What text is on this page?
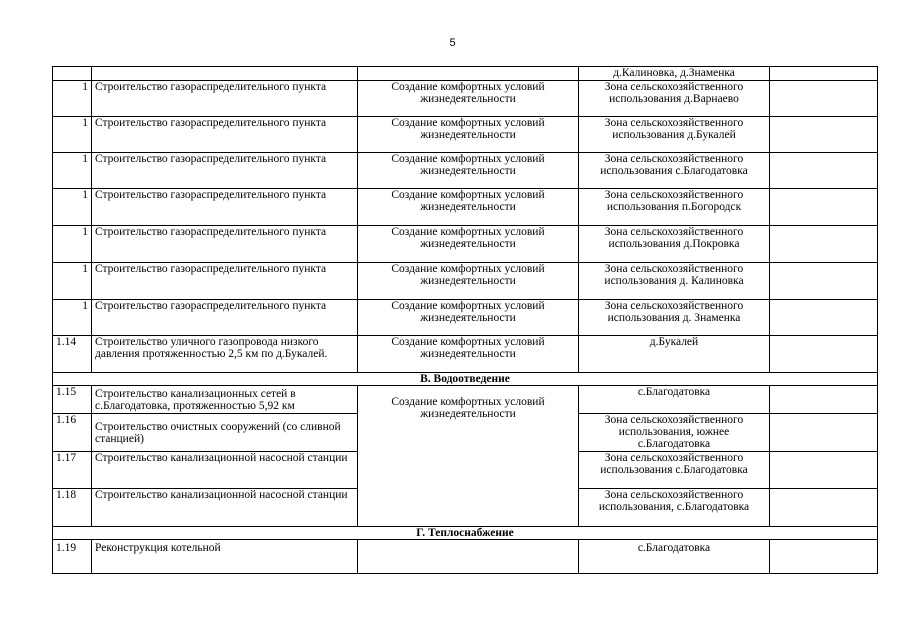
5
			д.Калиновка, д.Знаменка	
1	Строительство газораспределительного пункта	Создание комфортных условий жизнедеятельности	Зона сельскохозяйственного использования д.Варнаево	
1	Строительство газораспределительного пункта	Создание комфортных условий жизнедеятельности	Зона сельскохозяйственного использования д.Букалей	
1	Строительство газораспределительного пункта	Создание комфортных условий жизнедеятельности	Зона сельскохозяйственного использования с.Благодатовка	
1	Строительство газораспределительного пункта	Создание комфортных условий жизнедеятельности	Зона сельскохозяйственного использования п.Богородск	
1	Строительство газораспределительного пункта	Создание комфортных условий жизнедеятельности	Зона сельскохозяйственного использования д.Покровка	
1	Строительство газораспределительного пункта	Создание комфортных условий жизнедеятельности	Зона сельскохозяйственного использования д. Калиновка	
1	Строительство газораспределительного пункта	Создание комфортных условий жизнедеятельности	Зона сельскохозяйственного использования д. Знаменка	
1.14	Строительство уличного газопровода низкого давления протяженностью 2,5 км по д.Букалей.	Создание комфортных условий жизнедеятельности	д.Букалей	
В. Водоотведение				
1.15	Строительство канализационных сетей в с.Благодатовка, протяженностью 5,92 км	Создание комфортных условий жизнедеятельности	с.Благодатовка	
1.16	Строительство очистных сооружений (со сливной станцией)		Зона сельскохозяйственного использования, южнее с.Благодатовка	
1.17	Строительство канализационной насосной станции		Зона сельскохозяйственного использования с.Благодатовка	
1.18	Строительство канализационной насосной станции		Зона сельскохозяйственного использования, с.Благодатовка	
Г. Теплоснабжение				
1.19	Реконструкция котельной		с.Благодатовка	
